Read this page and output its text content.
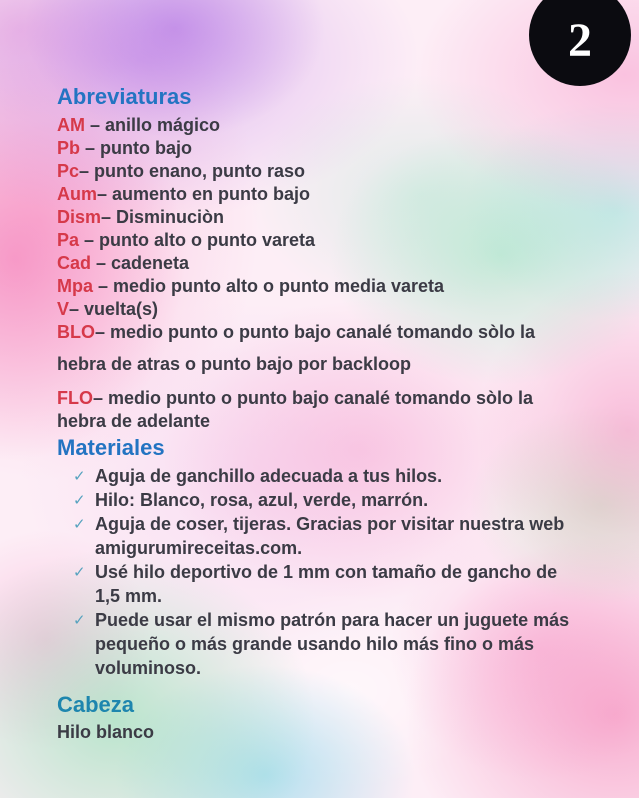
2
Abreviaturas
AM – anillo mágico
Pb – punto bajo
Pc– punto enano, punto raso
Aum– aumento en punto bajo
Dism– Disminuciòn
Pa – punto alto o punto vareta
Cad – cadeneta
Mpa – medio punto alto o punto media vareta
V– vuelta(s)
BLO– medio punto o punto bajo canalé tomando sòlo la
hebra de atras o punto bajo por backloop
FLO– medio punto o punto bajo canalé tomando sòlo la
hebra de adelante
Materiales
✓ Aguja de ganchillo adecuada a tus hilos.
✓ Hilo: Blanco, rosa, azul, verde, marrón.
✓ Aguja de coser, tijeras. Gracias por visitar nuestra web amigurumireceitas.com.
✓ Usé hilo deportivo de 1 mm con tamaño de gancho de 1,5 mm.
✓ Puede usar el mismo patrón para hacer un juguete más pequeño o más grande usando hilo más fino o más voluminoso.
Cabeza
Hilo blanco
